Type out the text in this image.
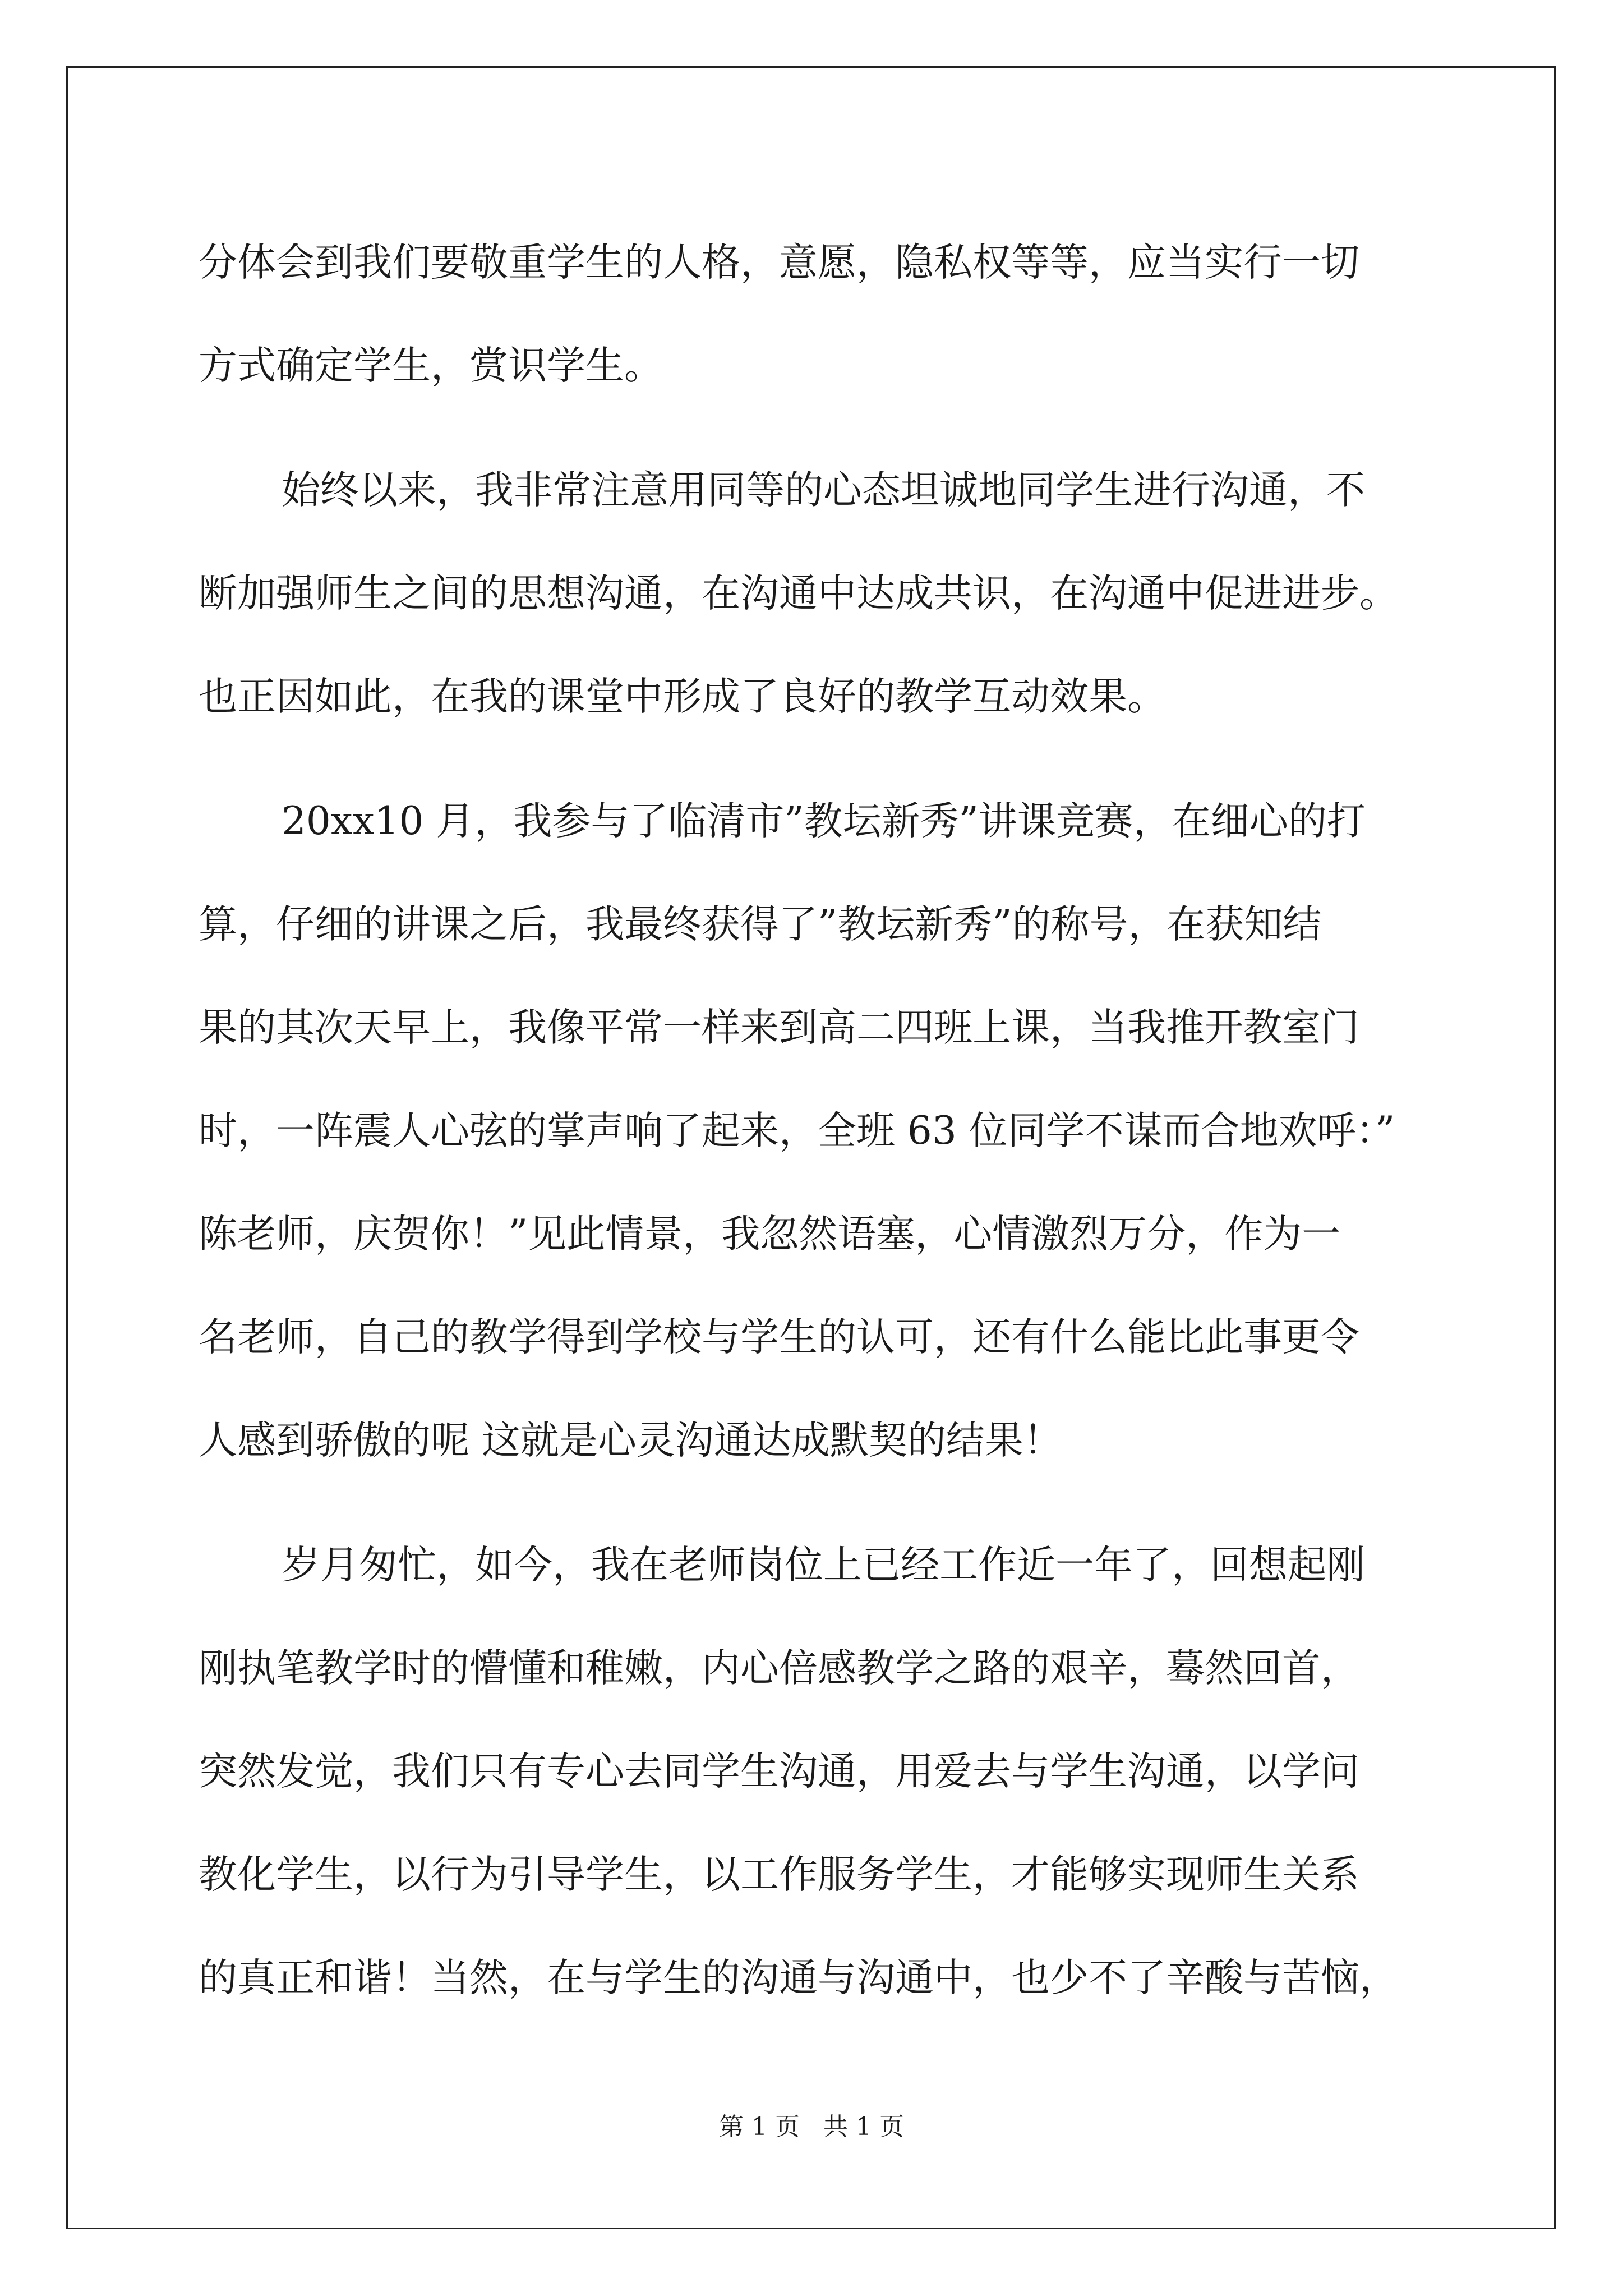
分体会到我们要敬重学生的人格，意愿，隐私权等等，应当实行一切
方式确定学生，赏识学生。
始终以来，我非常注意用同等的心态坦诚地同学生进行沟通，不
断加强师生之间的思想沟通，在沟通中达成共识，在沟通中促进进步。
也正因如此，在我的课堂中形成了良好的教学互动效果。
20xx10 月，我参与了临清市”教坛新秀”讲课竞赛，在细心的打
算，仔细的讲课之后，我最终获得了”教坛新秀”的称号，在获知结
果的其次天早上，我像平常一样来到高二四班上课，当我推开教室门
时，一阵震人心弦的掌声响了起来，全班 63 位同学不谋而合地欢呼：”
陈老师，庆贺你！”见此情景，我忽然语塞，心情激烈万分，作为一
名老师，自己的教学得到学校与学生的认可，还有什么能比此事更令
人感到骄傲的呢 这就是心灵沟通达成默契的结果！
岁月匆忙，如今，我在老师岗位上已经工作近一年了，回想起刚
刚执笔教学时的懵懂和稚嫩，内心倍感教学之路的艰辛，蓦然回首，
突然发觉，我们只有专心去同学生沟通，用爱去与学生沟通，以学问
教化学生，以行为引导学生，以工作服务学生，才能够实现师生关系
的真正和谐！当然，在与学生的沟通与沟通中，也少不了辛酸与苦恼，
第 1 页   共 1 页
